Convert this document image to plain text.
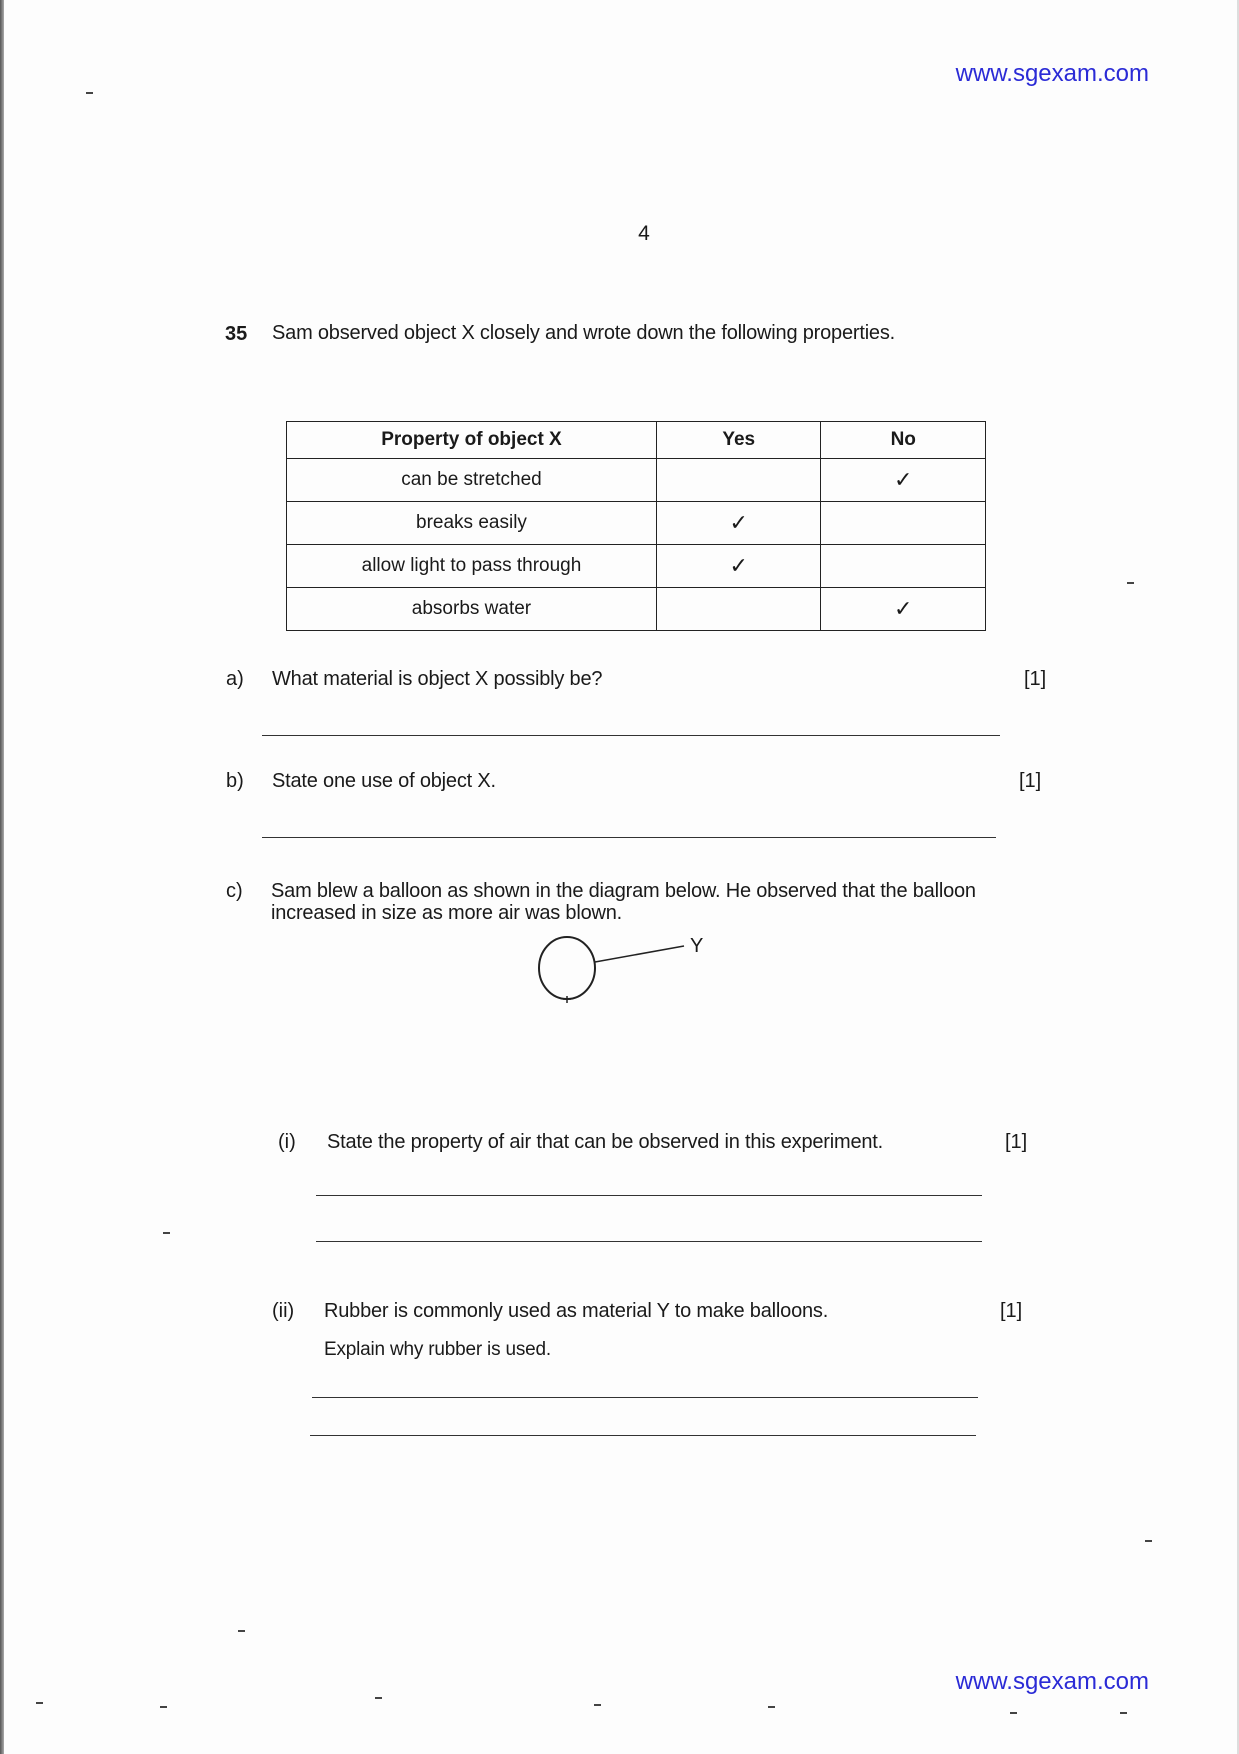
www.sgexam.com
4
35 Sam observed object X closely and wrote down the following properties.
Property of object X	Yes	No
can be stretched		✓
breaks easily	✓	
allow light to pass through	✓	
absorbs water		✓
a) What material is object X possibly be?	[1]
b) State one use of object X.	[1]
c) Sam blew a balloon as shown in the diagram below. He observed that the balloon
increased in size as more air was blown.
Y
(i) State the property of air that can be observed in this experiment.	[1]
(ii) Rubber is commonly used as material Y to make balloons.	[1]
Explain why rubber is used.
www.sgexam.com
